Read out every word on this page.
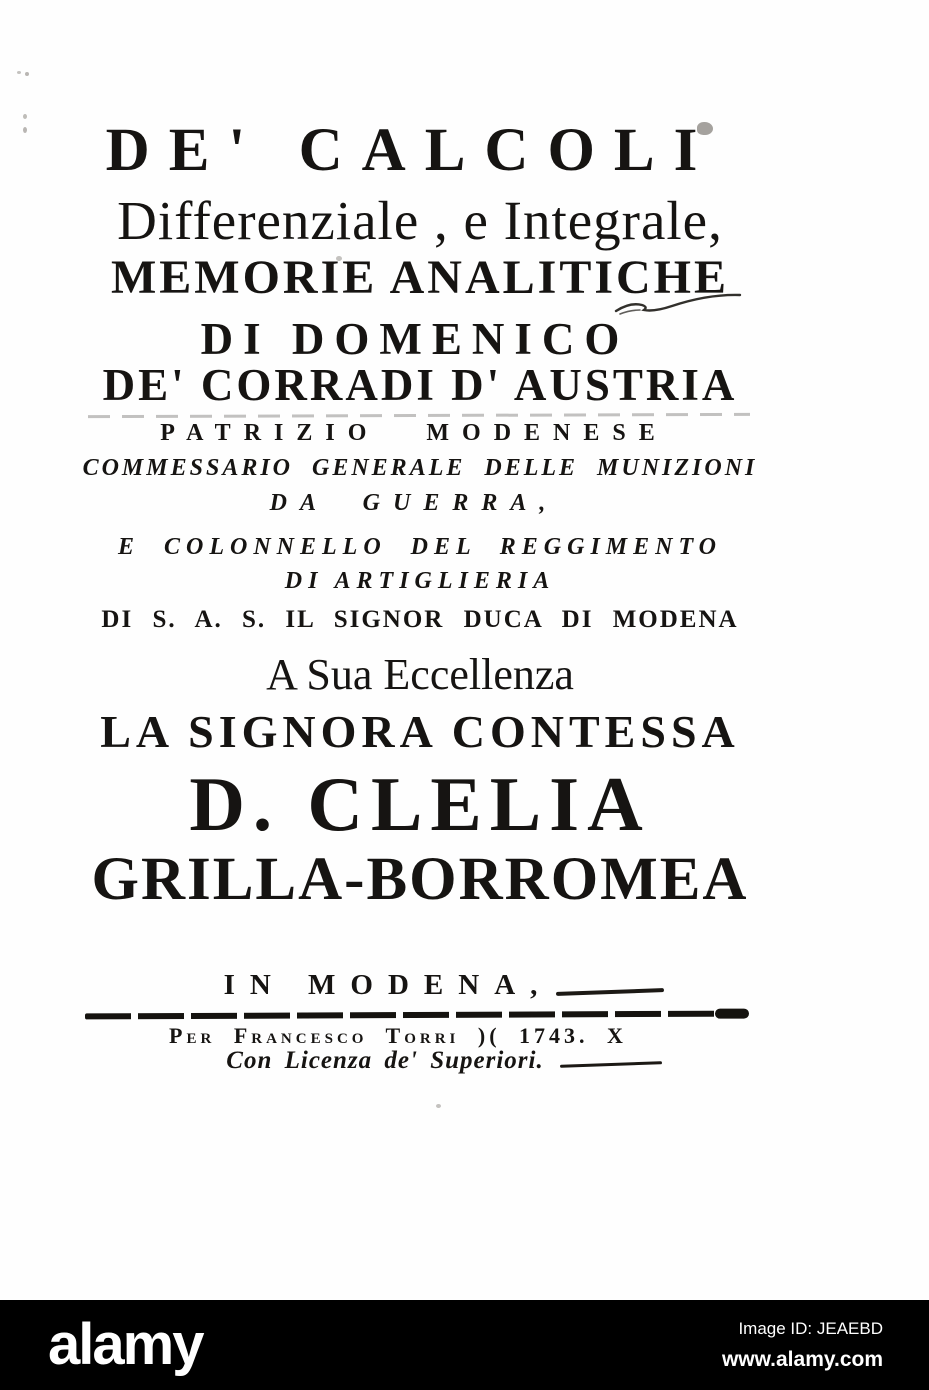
DE' CALCOLI
Differenziale , e Integrale,
MEMORIE ANALITICHE
DI DOMENICO
DE' CORRADI D' AUSTRIA
PATRIZIO MODENESE
COMMESSARIO GENERALE DELLE MUNIZIONI
DA GUERRA,
E COLONNELLO DEL REGGIMENTO
DI ARTIGLIERIA
DI S. A. S. IL SIGNOR DUCA DI MODENA
A Sua Eccellenza
LA SIGNORA CONTESSA
D. CLELIA
GRILLA-BORROMEA
IN MODENA,
Per Francesco Torri )( 1743. X
Con Licenza de' Superiori.
alamy	Image ID: JEAEBD
www.alamy.com
